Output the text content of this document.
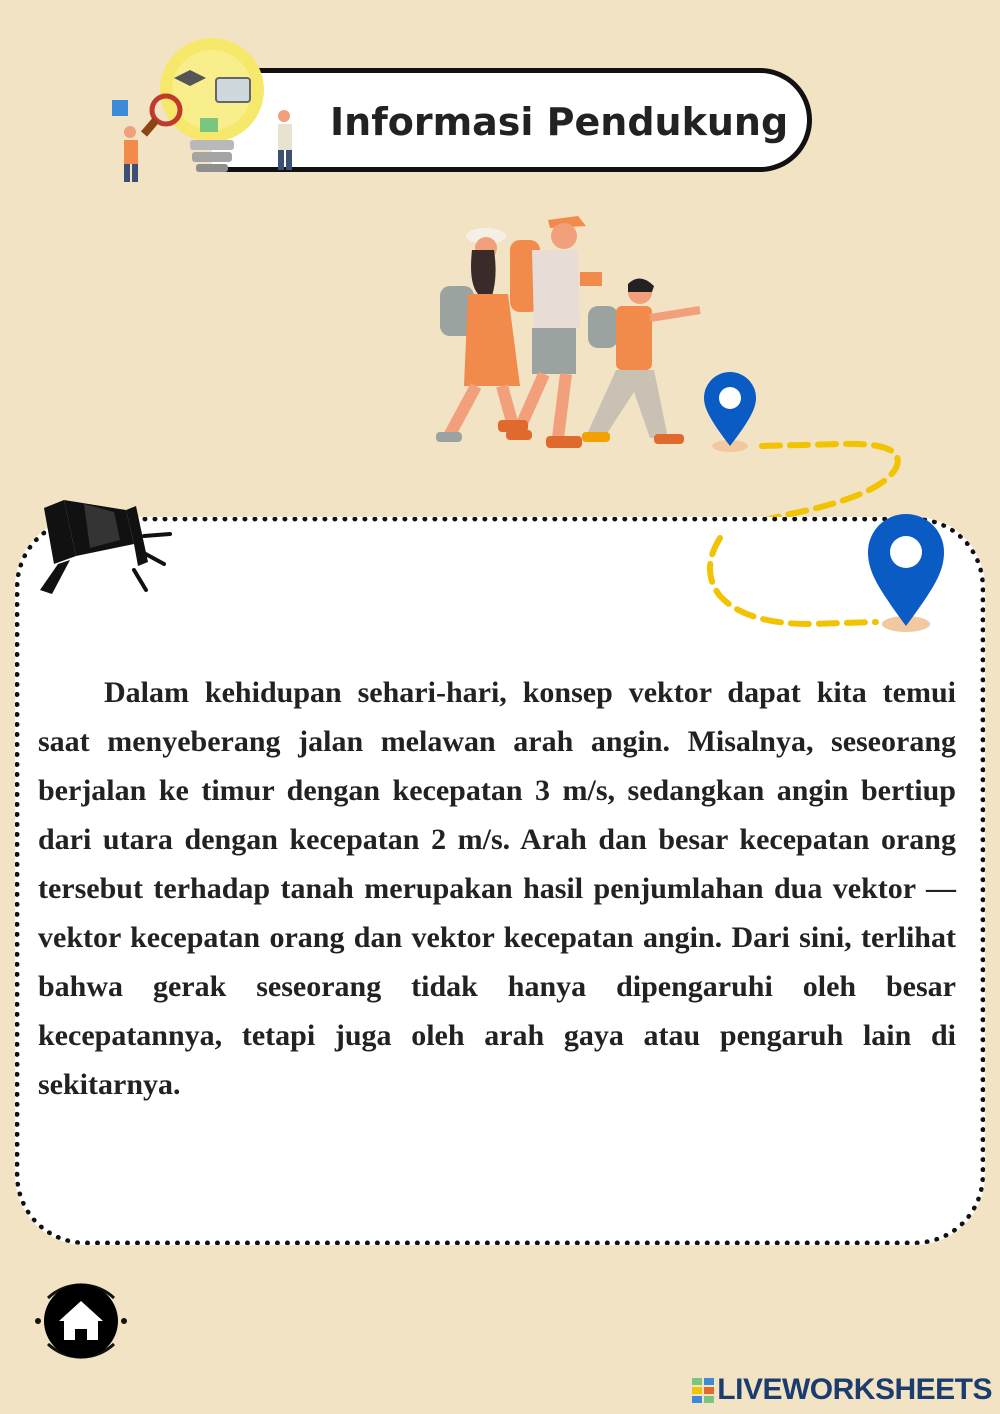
Informasi Pendukung
Dalam kehidupan sehari-hari, konsep vektor dapat kita temui saat menyeberang jalan melawan arah angin. Misalnya, seseorang berjalan ke timur dengan kecepatan 3 m/s, sedangkan angin bertiup dari utara dengan kecepatan 2 m/s. Arah dan besar kecepatan orang tersebut terhadap tanah merupakan hasil penjumlahan dua vektor — vektor kecepatan orang dan vektor kecepatan angin. Dari sini, terlihat bahwa gerak seseorang tidak hanya dipengaruhi oleh besar kecepatannya, tetapi juga oleh arah gaya atau pengaruh lain di sekitarnya.
LIVEWORKSHEETS
